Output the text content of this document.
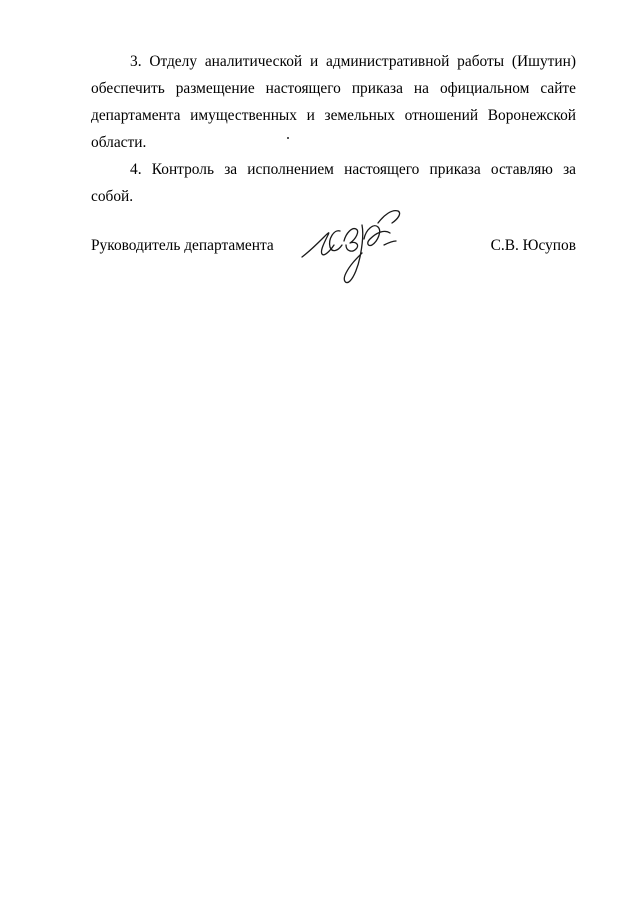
3. Отделу аналитической и административной работы (Ишутин) обеспечить размещение настоящего приказа на официальном сайте департамента имущественных и земельных отношений Воронежской области.

4. Контроль за исполнением настоящего приказа оставляю за собой.

Руководитель департамента	С.В. Юсупов
